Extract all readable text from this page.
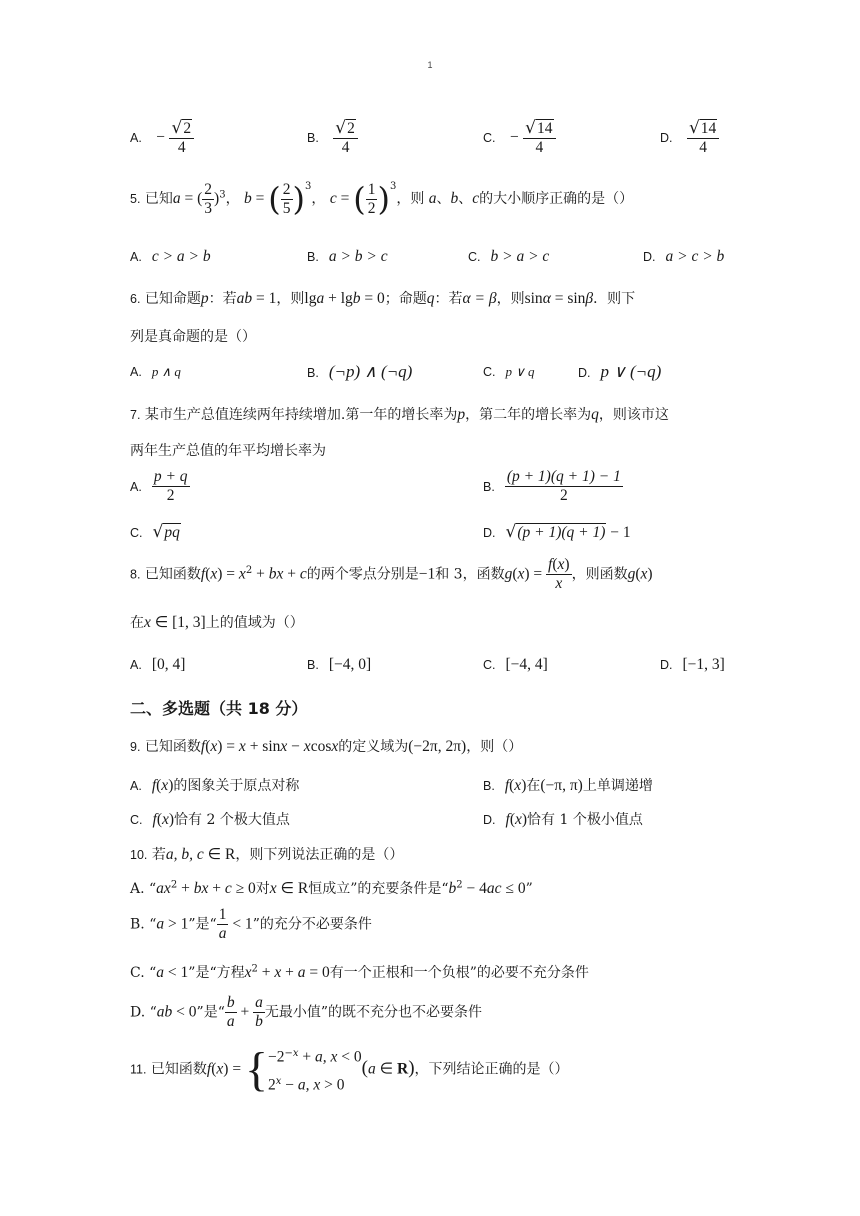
1
A. − $\frac{√2}{4}$	B. $\frac{√2}{4}$	C. − $\frac{√14}{4}$	D. $\frac{√14}{4}$
5. 已知a = ( $\frac{2}{3} )^3$， b = ( $\frac{2}{5} )^3$， c = ( $\frac{1}{2} )^3$，则 a、b、c的大小顺序正确的是（）
A. c > a > b	B. a > b > c	C. b > a > c	D. a > c > b
6. 已知命题p：若ab = 1，则lga + lgb = 0；命题q：若α = β，则sinα = sinβ．则下
列是真命题的是（）
A. p ∧ q	B. (¬p) ∧ (¬q)	C. p ∨ q	D. p ∨ (¬q)
7. 某市生产总值连续两年持续增加.第一年的增长率为p，第二年的增长率为q，则该市这
两年生产总值的年平均增长率为
A. $\frac{p + q}{2}$	B. $\frac{(p + 1)(q + 1) - 1}{2}$
C. √pq	D. √(p + 1)(q + 1) − 1
8. 已知函数$f(x) = x^2$ + bx + c的两个零点分别是−1和 3，函数$g(x) = \frac{f(x)}{x}$ ，则函数g(x)
在x ∈ [1, 3]上的值域为（）
A. [0, 4]	B. [−4, 0]	C. [−4, 4]	D. [−1, 3]
二、多选题（共 18 分）
9. 已知函数f(x) = x + sinx − xcosx的定义域为(−2π, 2π)，则（）
A. f(x)的图象关于原点对称	B. f(x)在(−π, π)上单调递增
C. f(x)恰有 2 个极大值点	D. f(x)恰有 1 个极小值点
10. 若a, b, c ∈ R，则下列说法正确的是（）
A. “$ax^2$ + bx + c ≥ 0对x ∈ R恒成立”的充要条件是“$b^2 - 4ac \le 0$”
B. “a > 1”是“ $\frac{1}{a} < 1$”的充分不必要条件
C. “a < 1”是“方程$x^2 + x + a = 0$有一个正根和一个负根”的必要不充分条件
D. “ab < 0”是“ $\frac{b}{a} + \frac{a}{b}$ 无最小值”的既不充分也不必要条件
11. 已知函数f(x) = { $-2^{-x} + a$, x < 0
$2^x - a$, x > 0
(a ∈ R)，下列结论正确的是（）
